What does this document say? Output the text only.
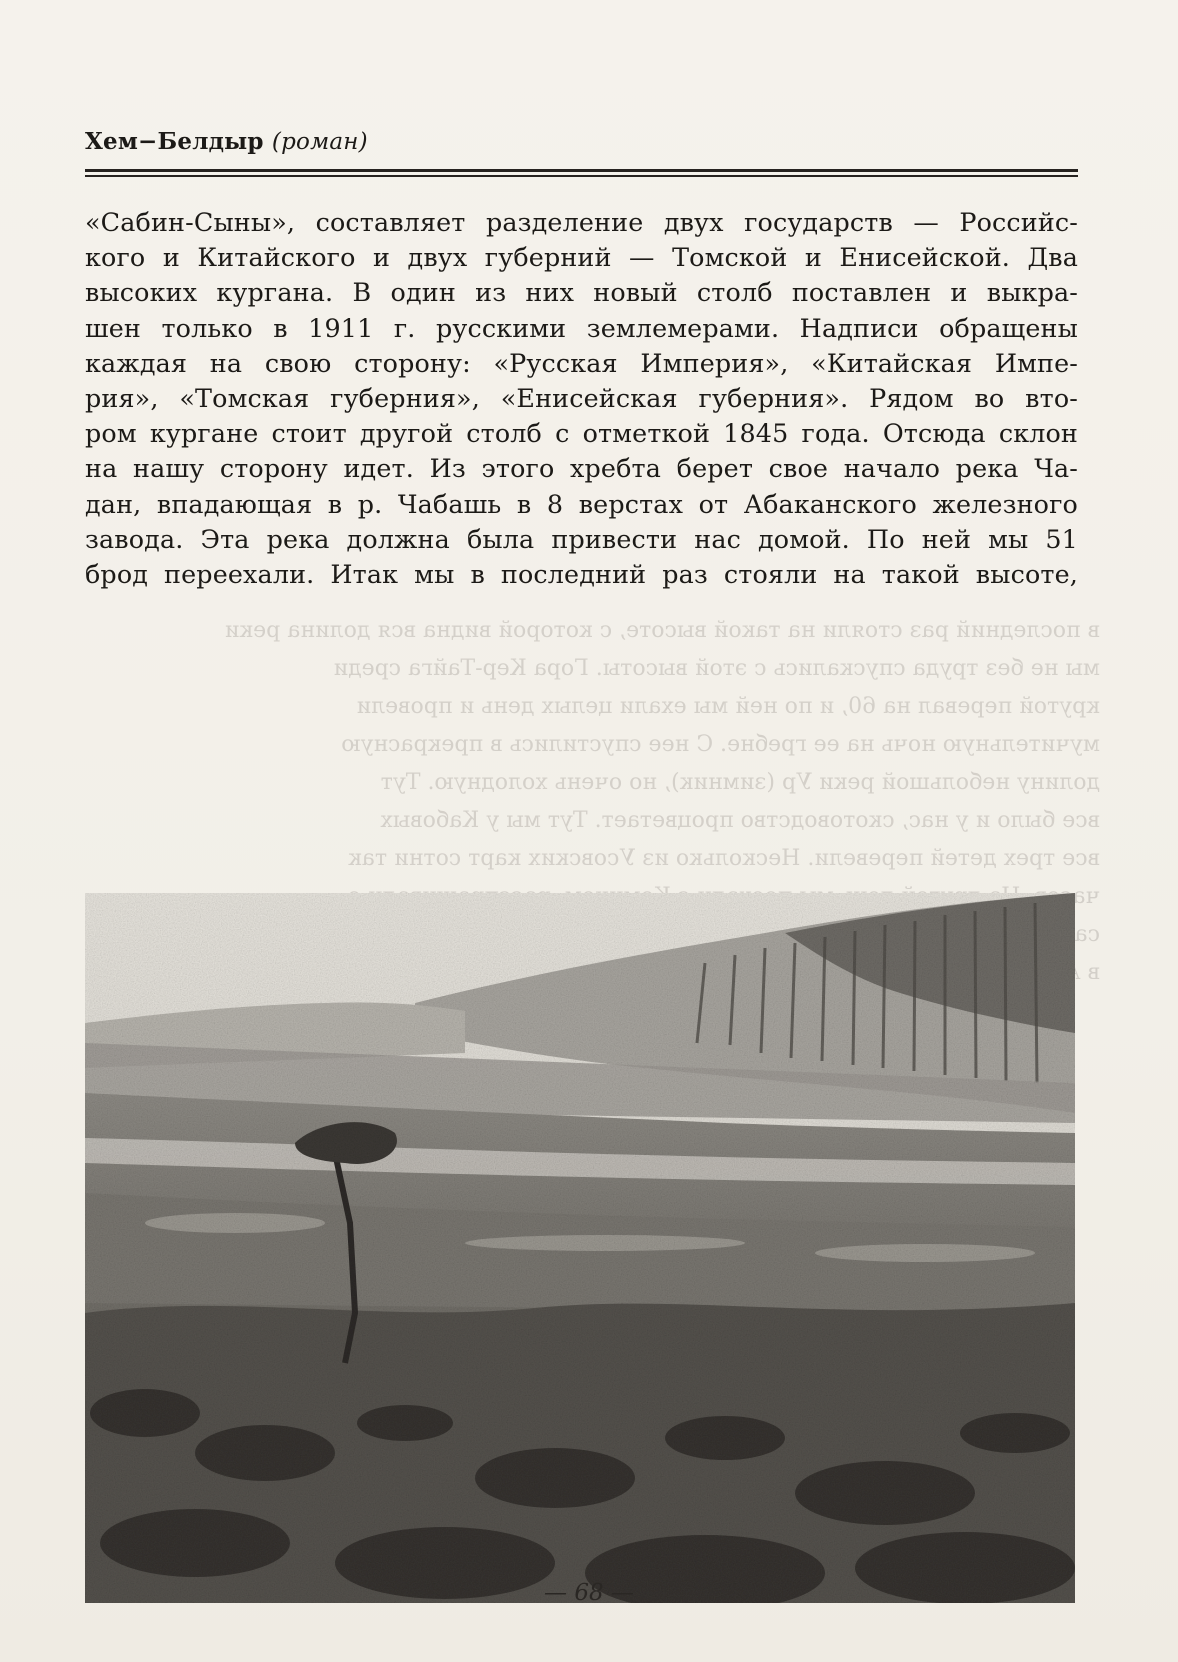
в последний раз стояли на такой высоте, с которой видна вся долина реки
мы не без труда спускались с этой высоты. Гора Кер-Тайга среди
крутой перевал на 60, и по ней мы ехали целых день и провели
мучительную ночь на ее гребне. С нее спустились в прекрасную
долину небольшой реки Ур (зимник), но очень холодную. Тут
все было и у нас, скотоводство процветает. Тут мы у Кабовых
все трех детей перевели. Несколько из Усовских карт сотни так
в
Хем−Белдыр (роман)
«Сабин-Сыны», составляет разделение двух государств — Российс-
кого и Китайского и двух губерний — Томской и Енисейской. Два
высоких кургана. В один из них новый столб поставлен и выкра-
шен только в 1911 г. русскими землемерами. Надписи обращены
каждая на свою сторону: «Русская Империя», «Китайская Импе-
рия», «Томская губерния», «Енисейская губерния». Рядом во вто-
ром кургане стоит другой столб с отметкой 1845 года. Отсюда склон
на нашу сторону идет. Из этого хребта берет свое начало река Ча-
дан, впадающая в р. Чабашь в 8 верстах от Абаканского железного
завода. Эта река должна была привести нас домой. По ней мы 51
брод переехали. Итак мы в последний раз стояли на такой высоте,
— 68 —
